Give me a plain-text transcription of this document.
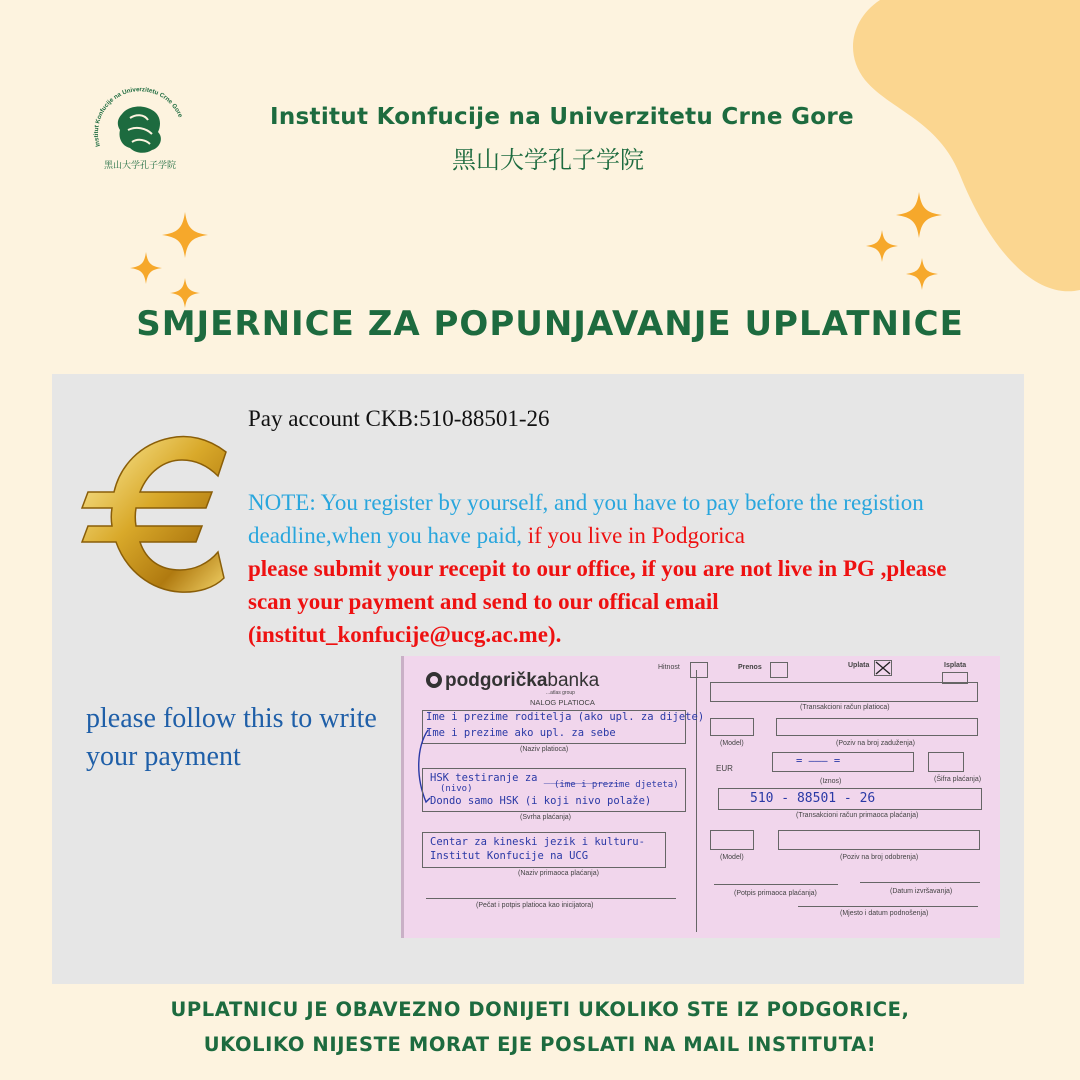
Institut Konfucije na Univerzitetu Crne Gore
黑山大学孔子学院
Institut Konfucije na Univerzitetu Crne Gore
黑山大学孔子学院
SMJERNICE ZA POPUNJAVANJE UPLATNICE
Pay account CKB:510-88501-26
NOTE: You register by yourself, and you have to pay before the registion deadline,when you have paid, if you live in Podgorica
please submit your recepit to our office, if you are not live in PG ,please scan your payment and send to our offical email (institut_konfucije@ucg.ac.me).
please follow this to write your payment
podgoričkabanka
...atlas group
NALOG PLATIOCA
Hitnost	Prenos	Uplata	Isplata
Ime i prezime roditelja (ako upl. za dijete)
Ime i prezime ako upl. za sebe
(Naziv platioca)
HSK testiranje za ____________
(nivo)	(ime i prezime djeteta)
Dondo samo HSK (i koji nivo polaže)
(Svrha plaćanja)
Centar za kineski jezik i kulturu-
Institut Konfucije na UCG
(Naziv primaoca plaćanja)
(Pečat i potpis platioca kao inicijatora)
(Transakcioni račun platioca)
(Model)	(Poziv na broj zaduženja)
EUR
= ——— =
(Iznos)	(Šifra plaćanja)
510 - 88501 - 26
(Transakcioni račun primaoca plaćanja)
(Model)	(Poziv na broj odobrenja)
(Potpis primaoca plaćanja)	(Datum izvršavanja)
(Mjesto i datum podnošenja)
UPLATNICU JE OBAVEZNO DONIJETI UKOLIKO STE IZ PODGORICE,
UKOLIKO NIJESTE MORAT EJE POSLATI NA MAIL INSTITUTA!
